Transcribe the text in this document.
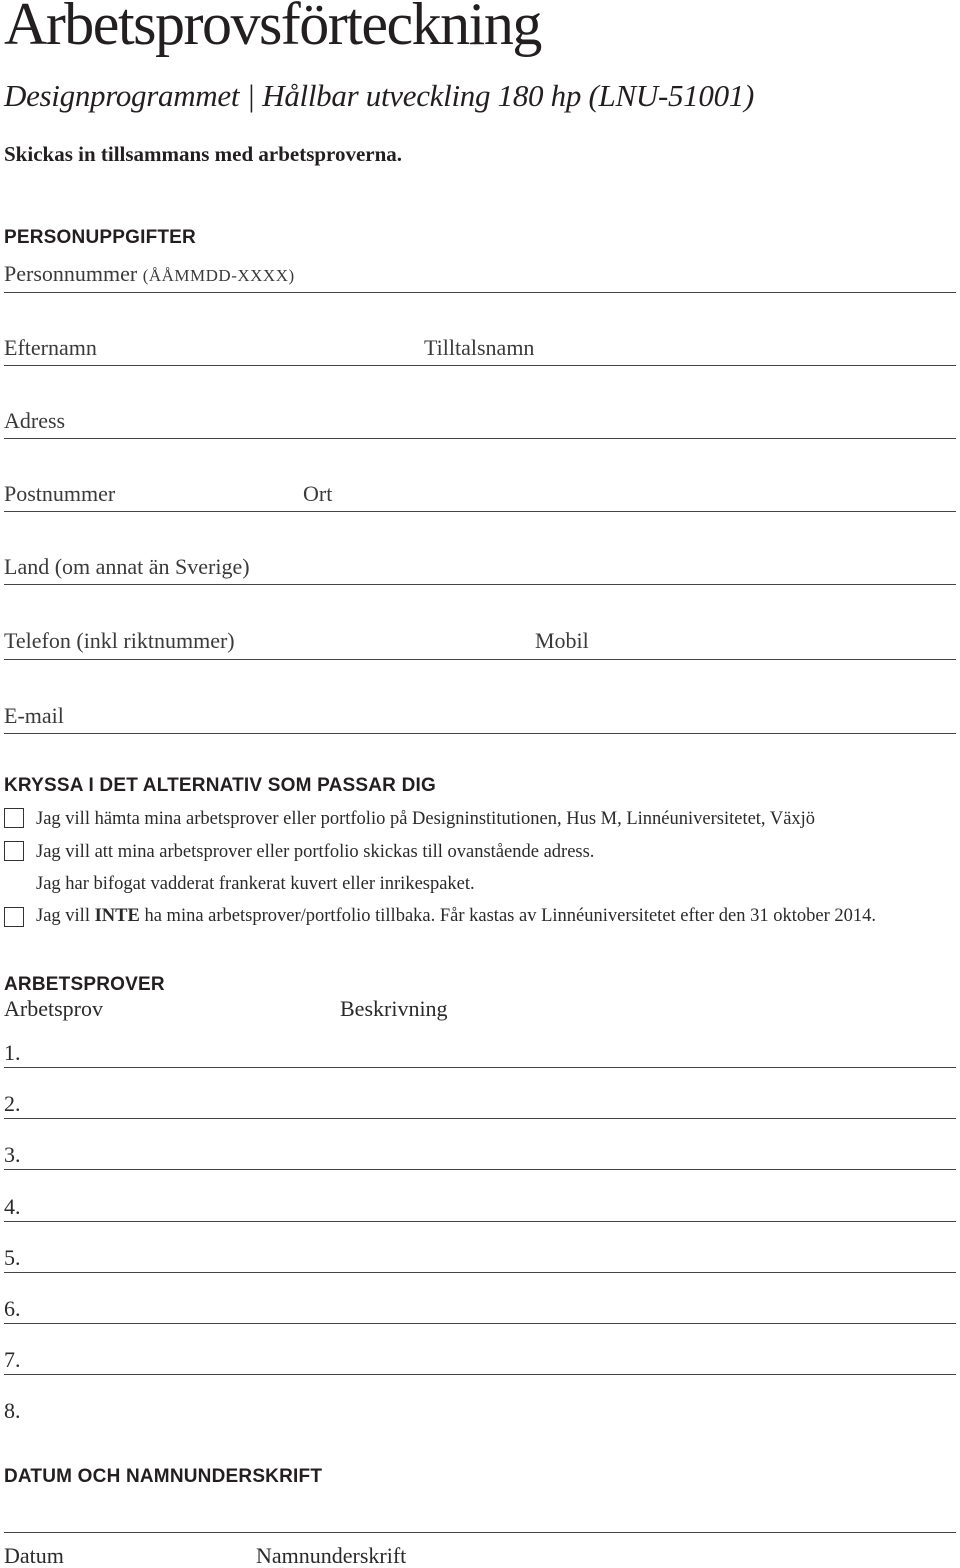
Arbetsprovsförteckning
Designprogrammet | Hållbar utveckling 180 hp (LNU-51001)
Skickas in tillsammans med arbetsproverna.
PERSONUPPGIFTER
Personnummer (ÅÅMMDD-XXXX)
Efternamn	Tilltalsnamn
Adress
Postnummer	Ort
Land (om annat än Sverige)
Telefon (inkl riktnummer)	Mobil
E-mail
KRYSSA I DET ALTERNATIV SOM PASSAR DIG
Jag vill hämta mina arbetsprover eller portfolio på Designinstitutionen, Hus M, Linnéuniversitetet, Växjö
Jag vill att mina arbetsprover eller portfolio skickas till ovanstående adress.
Jag har bifogat vadderat frankerat kuvert eller inrikespaket.
Jag vill INTE ha mina arbetsprover/portfolio tillbaka. Får kastas av Linnéuniversitetet efter den 31 oktober 2014.
ARBETSPROVER
Arbetsprov	Beskrivning
1.
2.
3.
4.
5.
6.
7.
8.
DATUM OCH NAMNUNDERSKRIFT
Datum	Namnunderskrift
